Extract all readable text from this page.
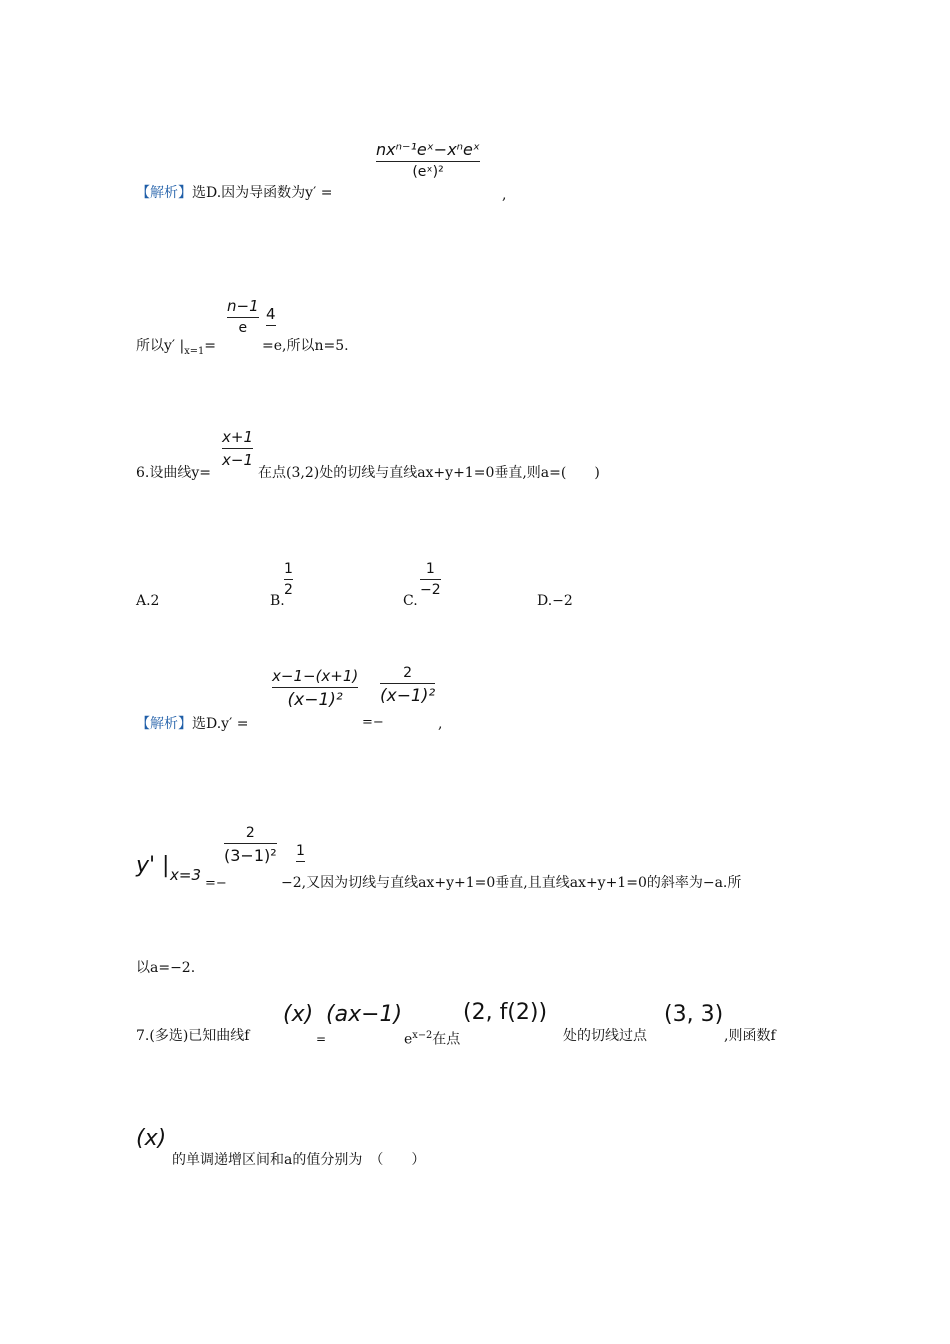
nxⁿ⁻¹eˣ−xⁿeˣ
(eˣ)²
【解析】选D.因为导函数为y′ =	,
所以y′ $|_{x=1}=$
n−1
e
4
=e,所以n=5.
x+1
x−1
6.设曲线y=	在点(3,2)处的切线与直线ax+y+1=0垂直,则a=(　　)
A.2	B.
1
2
C.
1
−2
D.−2
x−1−(x+1)
(x−1)²
2
(x−1)²
【解析】选D.y′ =	=−	,
y' | x=3 =−
2
(3−1)² 1
−2,又因为切线与直线ax+y+1=0垂直,且直线ax+y+1=0的斜率为−a.所
以a=−2.
7.(多选)已知曲线f
(x)
=
(ax−1)
$e^{x-2}$在点
(2, f(2))
处的切线过点
(3, 3)
,则函数f
(x)
的单调递增区间和a的值分别为　（　　）
